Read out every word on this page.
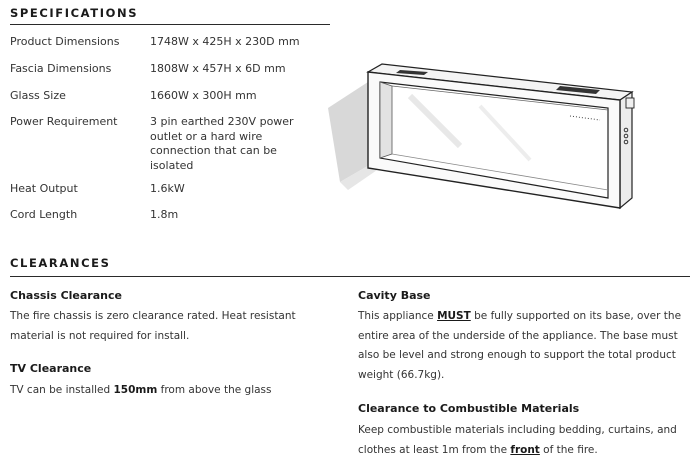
SPECIFICATIONS
Product Dimensions	1748W x 425H x 230D mm
Fascia Dimensions	1808W x 457H x 6D mm
Glass Size	1660W x 300H mm
Power Requirement	3 pin earthed 230V power outlet or a hard wire connection that can be isolated
Heat Output	1.6kW
Cord Length	1.8m
CLEARANCES
Chassis Clearance
The fire chassis is zero clearance rated. Heat resistant material is not required for install.
TV Clearance
TV can be installed 150mm from above the glass
Cavity Base
This appliance MUST be fully supported on its base, over the entire area of the underside of the appliance. The base must also be level and strong enough to support the total product weight (66.7kg).
Clearance to Combustible Materials
Keep combustible materials including bedding, curtains, and clothes at least 1m from the front of the fire.
